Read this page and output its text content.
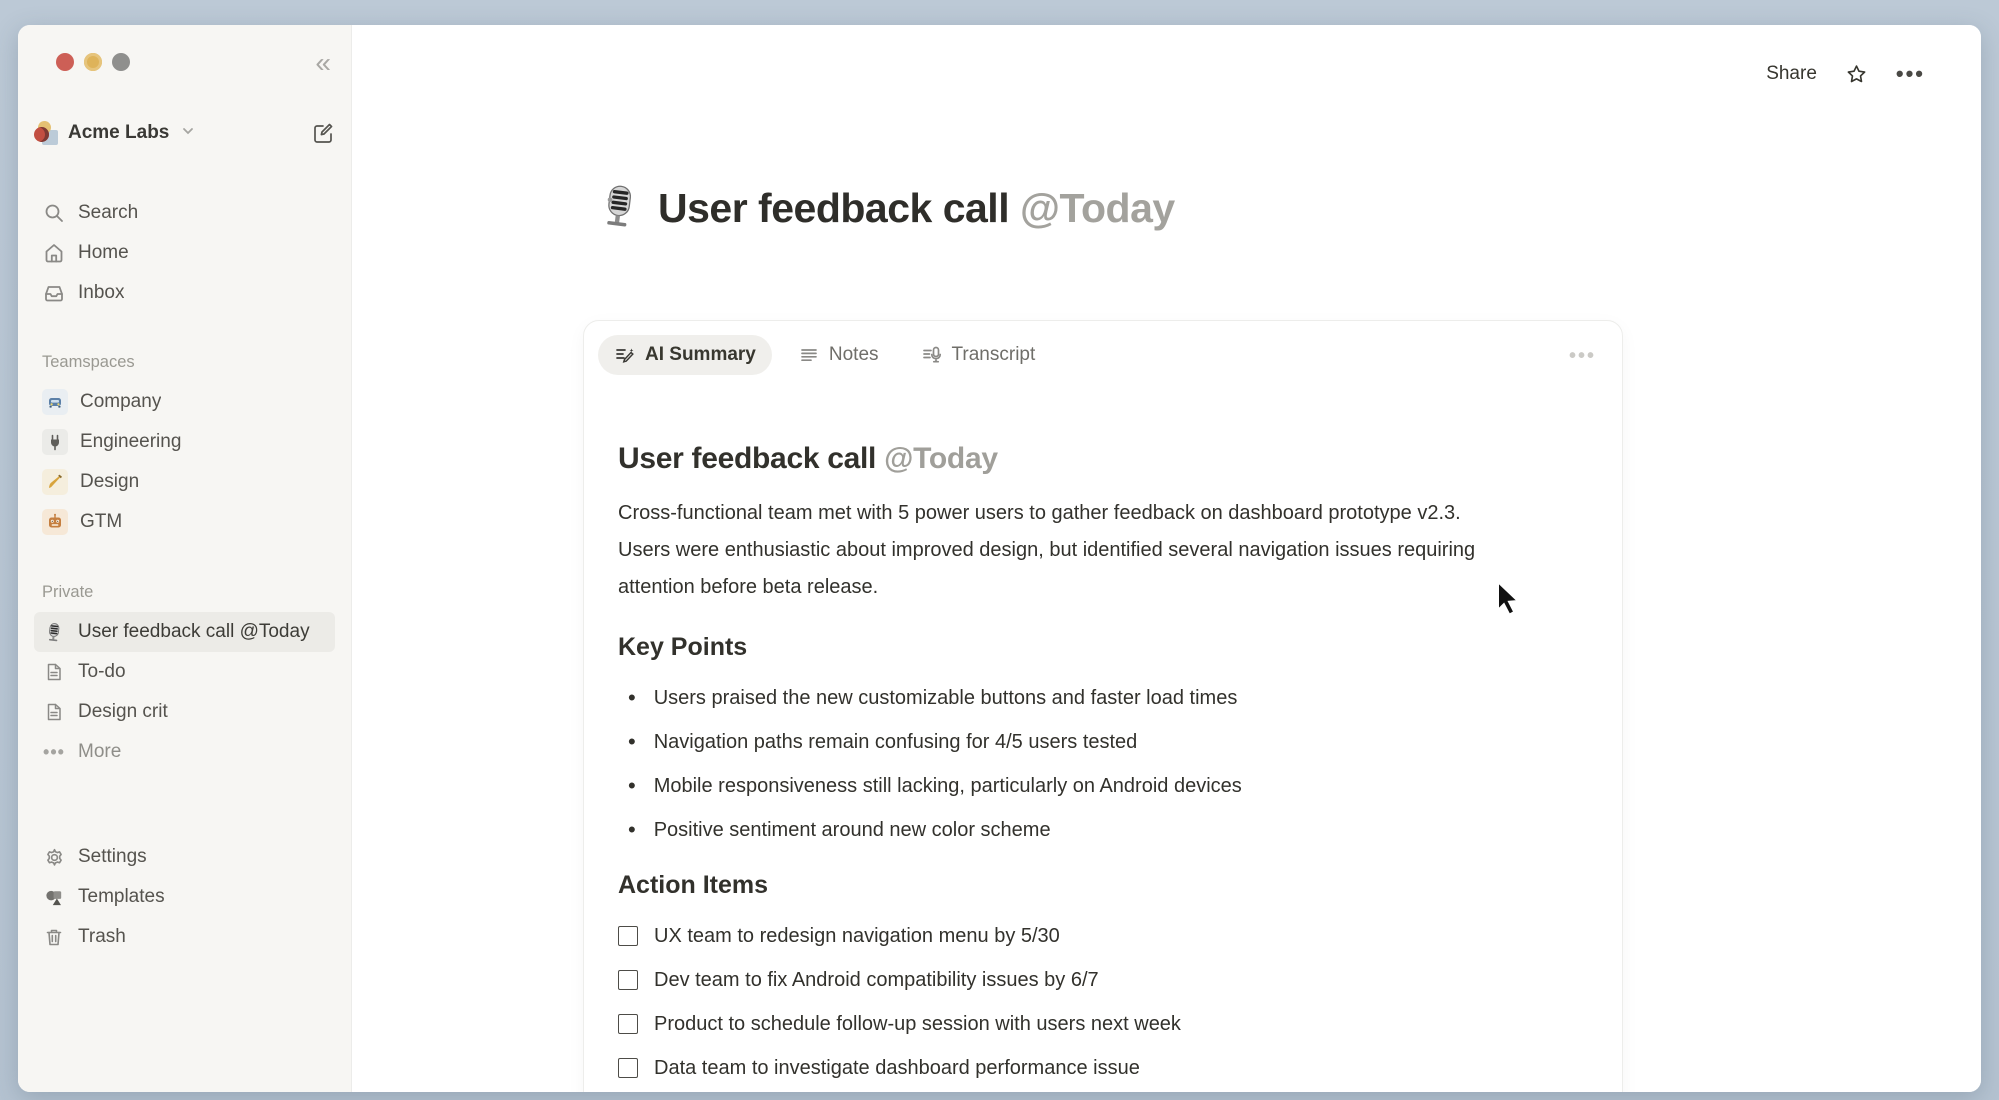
«
Acme Labs
Search
Home
Inbox
Teamspaces
Company
Engineering
Design
GTM
Private
User feedback call @Today
To-do
Design crit
••• More
Settings
Templates
Trash
Share	•••
User feedback call @Today
AI Summary	Notes	Transcript	•••
User feedback call @Today

Cross-functional team met with 5 power users to gather feedback on dashboard prototype v2.3. Users were enthusiastic about improved design, but identified several navigation issues requiring attention before beta release.

Key Points
• Users praised the new customizable buttons and faster load times
• Navigation paths remain confusing for 4/5 users tested
• Mobile responsiveness still lacking, particularly on Android devices
• Positive sentiment around new color scheme
Action Items
UX team to redesign navigation menu by 5/30
Dev team to fix Android compatibility issues by 6/7
Product to schedule follow-up session with users next week
Data team to investigate dashboard performance issue
